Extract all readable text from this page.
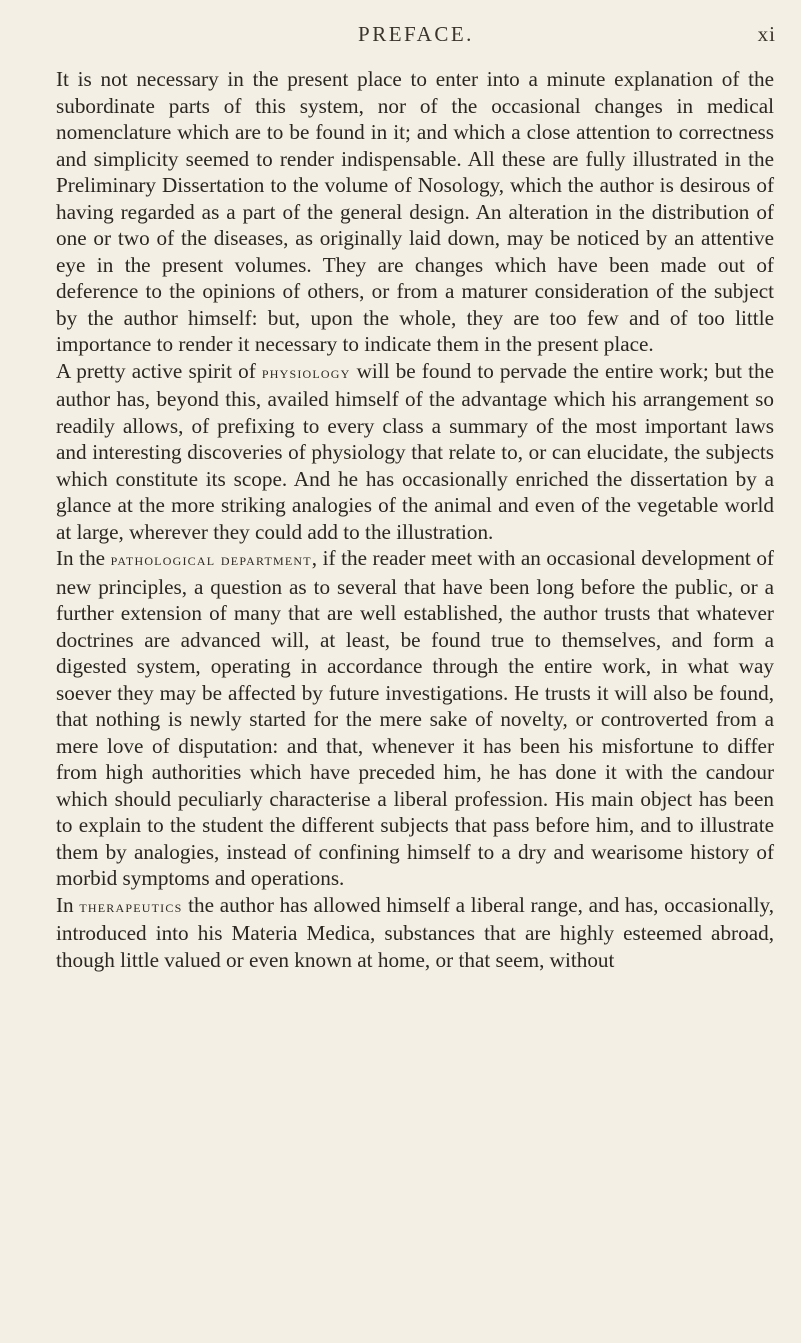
PREFACE.	xi

It is not necessary in the present place to enter into a minute explanation of the subordinate parts of this system, nor of the occasional changes in medical nomenclature which are to be found in it; and which a close attention to correctness and simplicity seemed to render indispensable. All these are fully illustrated in the Preliminary Dissertation to the volume of Nosology, which the author is desirous of having regarded as a part of the general design. An alteration in the distribution of one or two of the diseases, as originally laid down, may be noticed by an attentive eye in the present volumes. They are changes which have been made out of deference to the opinions of others, or from a maturer consideration of the subject by the author himself: but, upon the whole, they are too few and of too little importance to render it necessary to indicate them in the present place.

A pretty active spirit of physiology will be found to pervade the entire work; but the author has, beyond this, availed himself of the advantage which his arrangement so readily allows, of prefixing to every class a summary of the most important laws and interesting discoveries of physiology that relate to, or can elucidate, the subjects which constitute its scope. And he has occasionally enriched the dissertation by a glance at the more striking analogies of the animal and even of the vegetable world at large, wherever they could add to the illustration.

In the pathological department, if the reader meet with an occasional development of new principles, a question as to several that have been long before the public, or a further extension of many that are well established, the author trusts that whatever doctrines are advanced will, at least, be found true to themselves, and form a digested system, operating in accordance through the entire work, in what way soever they may be affected by future investigations. He trusts it will also be found, that nothing is newly started for the mere sake of novelty, or controverted from a mere love of disputation: and that, whenever it has been his misfortune to differ from high authorities which have preceded him, he has done it with the candour which should peculiarly characterise a liberal profession. His main object has been to explain to the student the different subjects that pass before him, and to illustrate them by analogies, instead of confining himself to a dry and wearisome history of morbid symptoms and operations.

In therapeutics the author has allowed himself a liberal range, and has, occasionally, introduced into his Materia Medica, substances that are highly esteemed abroad, though little valued or even known at home, or that seem, without
